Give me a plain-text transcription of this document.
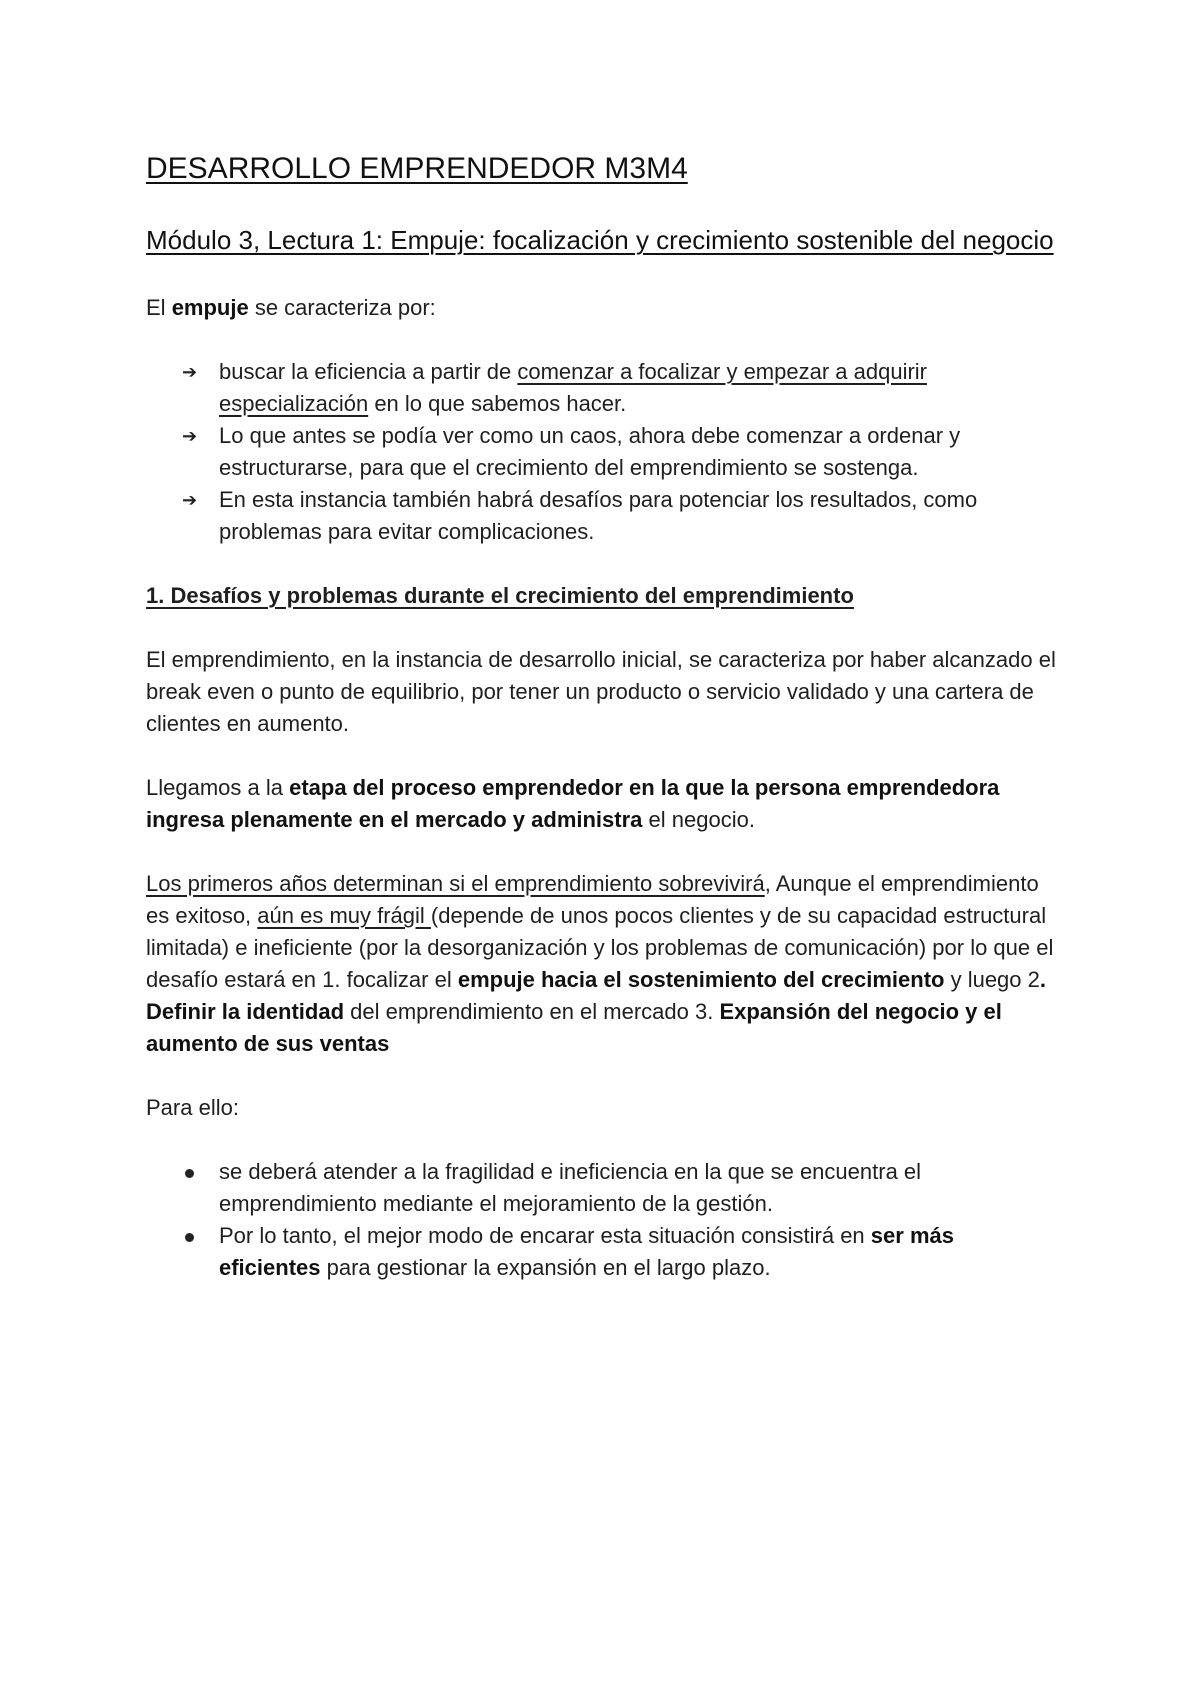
DESARROLLO EMPRENDEDOR M3M4
Módulo 3, Lectura 1: Empuje: focalización y crecimiento sostenible del negocio

El empuje se caracteriza por:

➔ buscar la eficiencia a partir de comenzar a focalizar y empezar a adquirir especialización en lo que sabemos hacer.
➔ Lo que antes se podía ver como un caos, ahora debe comenzar a ordenar y estructurarse, para que el crecimiento del emprendimiento se sostenga.
➔ En esta instancia también habrá desafíos para potenciar los resultados, como problemas para evitar complicaciones.
1. Desafíos y problemas durante el crecimiento del emprendimiento

El emprendimiento, en la instancia de desarrollo inicial, se caracteriza por haber alcanzado el break even o punto de equilibrio, por tener un producto o servicio validado y una cartera de clientes en aumento.

Llegamos a la etapa del proceso emprendedor en la que la persona emprendedora ingresa plenamente en el mercado y administra el negocio.

Los primeros años determinan si el emprendimiento sobrevivirá, Aunque el emprendimiento es exitoso, aún es muy frágil (depende de unos pocos clientes y de su capacidad estructural limitada) e ineficiente (por la desorganización y los problemas de comunicación) por lo que el desafío estará en 1. focalizar el empuje hacia el sostenimiento del crecimiento y luego 2. Definir la identidad del emprendimiento en el mercado 3. Expansión del negocio y el aumento de sus ventas

Para ello:

se deberá atender a la fragilidad e ineficiencia en la que se encuentra el emprendimiento mediante el mejoramiento de la gestión.
Por lo tanto, el mejor modo de encarar esta situación consistirá en ser más eficientes para gestionar la expansión en el largo plazo.
